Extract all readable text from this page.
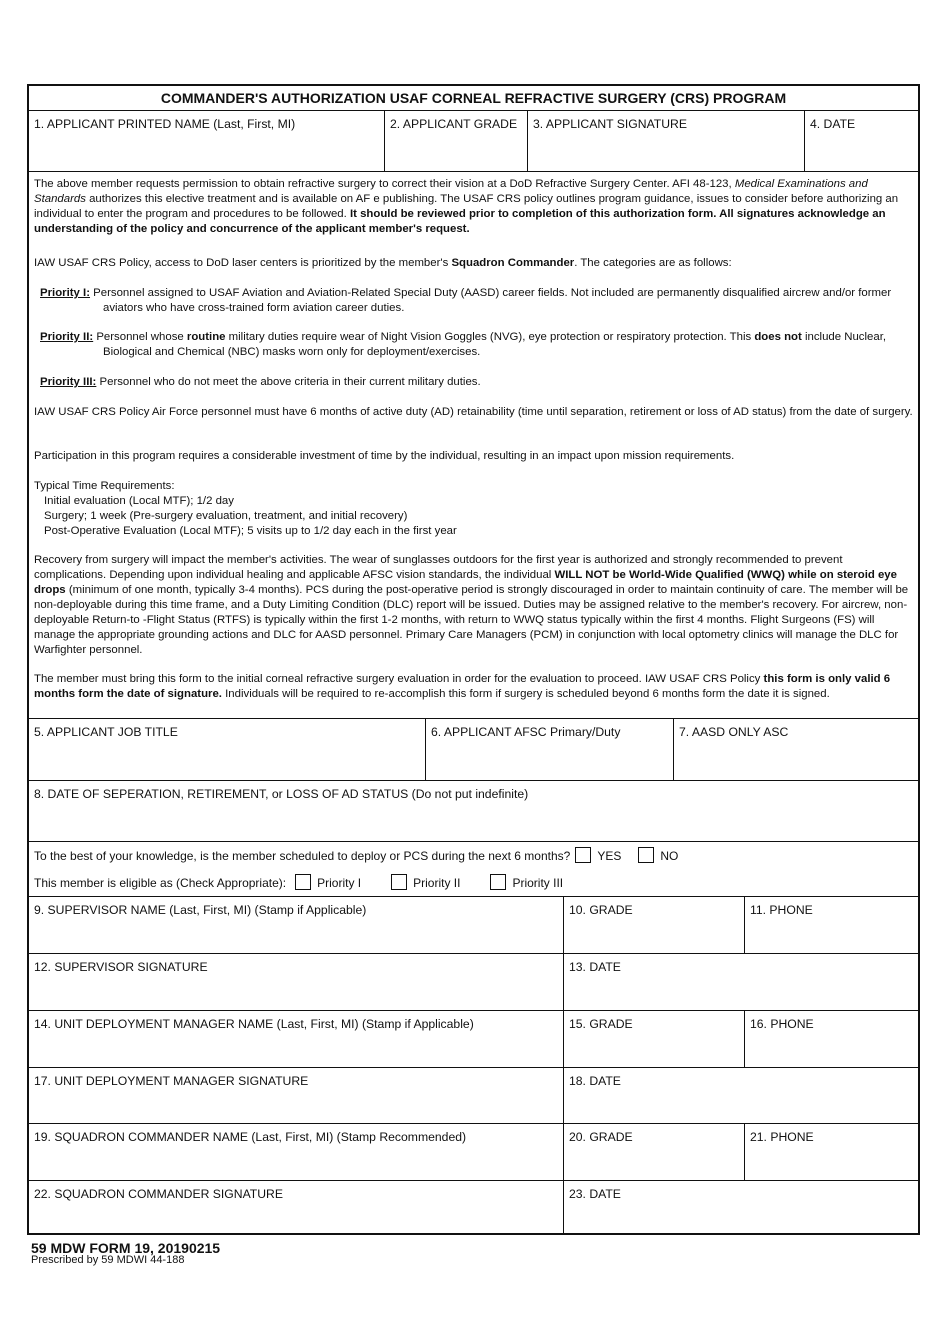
COMMANDER'S AUTHORIZATION USAF CORNEAL REFRACTIVE SURGERY (CRS) PROGRAM
1. APPLICANT PRINTED NAME (Last, First, MI)	2. APPLICANT GRADE	3. APPLICANT SIGNATURE	4. DATE

The above member requests permission to obtain refractive surgery to correct their vision at a DoD Refractive Surgery Center. AFI 48-123, Medical Examinations and Standards authorizes this elective treatment and is available on AF e publishing. The USAF CRS policy outlines program guidance, issues to consider before authorizing an individual to enter the program and procedures to be followed. It should be reviewed prior to completion of this authorization form. All signatures acknowledge an understanding of the policy and concurrence of the applicant member's request.

IAW USAF CRS Policy, access to DoD laser centers is prioritized by the member's Squadron Commander. The categories are as follows:

Priority I: Personnel assigned to USAF Aviation and Aviation-Related Special Duty (AASD) career fields. Not included are permanently disqualified aircrew and/or former aviators who have cross-trained form aviation career duties.

Priority II: Personnel whose routine military duties require wear of Night Vision Goggles (NVG), eye protection or respiratory protection. This does not include Nuclear, Biological and Chemical (NBC) masks worn only for deployment/exercises.

Priority III: Personnel who do not meet the above criteria in their current military duties.

IAW USAF CRS Policy Air Force personnel must have 6 months of active duty (AD) retainability (time until separation, retirement or loss of AD status) from the date of surgery.

Participation in this program requires a considerable investment of time by the individual, resulting in an impact upon mission requirements.

Typical Time Requirements:
Initial evaluation (Local MTF); 1/2 day
Surgery; 1 week (Pre-surgery evaluation, treatment, and initial recovery)
Post-Operative Evaluation (Local MTF); 5 visits up to 1/2 day each in the first year

Recovery from surgery will impact the member's activities. The wear of sunglasses outdoors for the first year is authorized and strongly recommended to prevent complications. Depending upon individual healing and applicable AFSC vision standards, the individual WILL NOT be World-Wide Qualified (WWQ) while on steroid eye drops (minimum of one month, typically 3-4 months). PCS during the post-operative period is strongly discouraged in order to maintain continuity of care. The member will be non-deployable during this time frame, and a Duty Limiting Condition (DLC) report will be issued. Duties may be assigned relative to the member's recovery. For aircrew, non-deployable Return-to -Flight Status (RTFS) is typically within the first 1-2 months, with return to WWQ status typically within the first 4 months. Flight Surgeons (FS) will manage the appropriate grounding actions and DLC for AASD personnel. Primary Care Managers (PCM) in conjunction with local optometry clinics will manage the DLC for Warfighter personnel.

The member must bring this form to the initial corneal refractive surgery evaluation in order for the evaluation to proceed. IAW USAF CRS Policy this form is only valid 6 months form the date of signature. Individuals will be required to re-accomplish this form if surgery is scheduled beyond 6 months form the date it is signed.

5. APPLICANT JOB TITLE	6. APPLICANT AFSC Primary/Duty	7. AASD ONLY ASC
8. DATE OF SEPERATION, RETIREMENT, or LOSS OF AD STATUS (Do not put indefinite)
To the best of your knowledge, is the member scheduled to deploy or PCS during the next 6 months? YES	NO
This member is eligible as (Check Appropriate):	Priority I	Priority II	Priority III
9. SUPERVISOR NAME (Last, First, MI) (Stamp if Applicable)	10. GRADE	11. PHONE
12. SUPERVISOR SIGNATURE	13. DATE
14. UNIT DEPLOYMENT MANAGER NAME (Last, First, MI) (Stamp if Applicable)	15. GRADE	16. PHONE
17. UNIT DEPLOYMENT MANAGER SIGNATURE	18. DATE
19. SQUADRON COMMANDER NAME (Last, First, MI) (Stamp Recommended)	20. GRADE	21. PHONE
22. SQUADRON COMMANDER SIGNATURE	23. DATE
59 MDW FORM 19, 20190215
Prescribed by 59 MDWI 44-188
